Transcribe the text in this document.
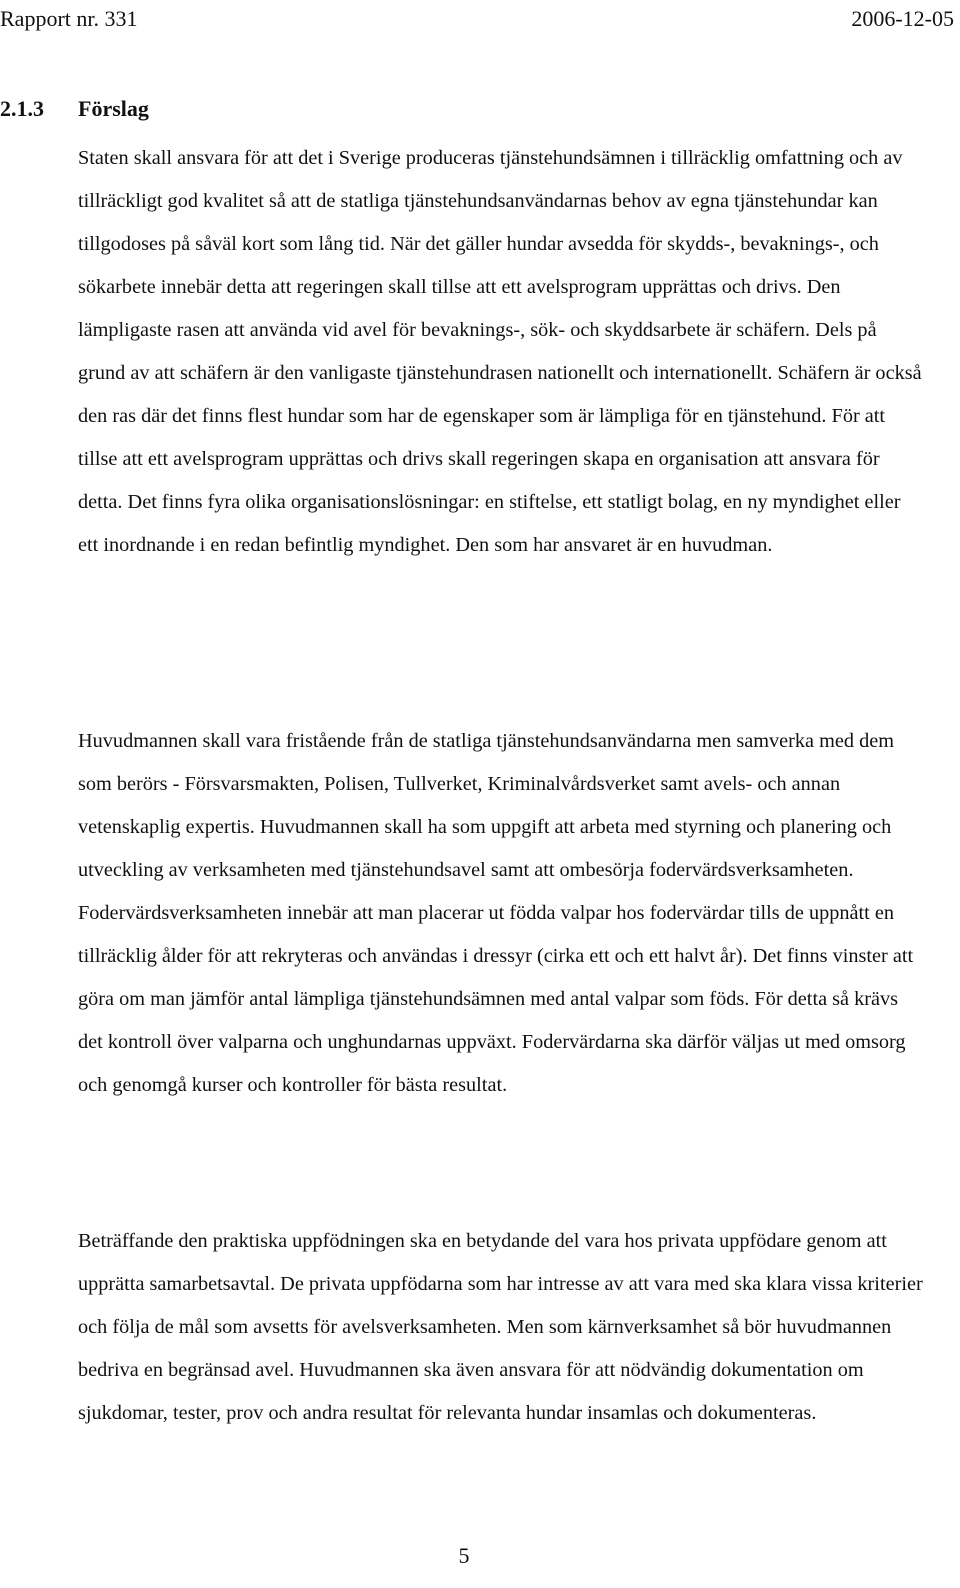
Rapport nr. 331	2006-12-05
2.1.3 Förslag

Staten skall ansvara för att det i Sverige produceras tjänstehundsämnen i tillräcklig omfattning och av tillräckligt god kvalitet så att de statliga tjänstehundsanvändarnas behov av egna tjänstehundar kan tillgodoses på såväl kort som lång tid. När det gäller hundar avsedda för skydds-, bevaknings-, och sökarbete innebär detta att regeringen skall tillse att ett avelsprogram upprättas och drivs. Den lämpligaste rasen att använda vid avel för bevaknings-, sök- och skyddsarbete är schäfern. Dels på grund av att schäfern är den vanligaste tjänstehundrasen nationellt och internationellt. Schäfern är också den ras där det finns flest hundar som har de egenskaper som är lämpliga för en tjänstehund. För att tillse att ett avelsprogram upprättas och drivs skall regeringen skapa en organisation att ansvara för detta. Det finns fyra olika organisationslösningar: en stiftelse, ett statligt bolag, en ny myndighet eller ett inordnande i en redan befintlig myndighet. Den som har ansvaret är en huvudman.

Huvudmannen skall vara fristående från de statliga tjänstehundsanvändarna men samverka med dem som berörs - Försvarsmakten, Polisen, Tullverket, Kriminalvårdsverket samt avels- och annan vetenskaplig expertis. Huvudmannen skall ha som uppgift att arbeta med styrning och planering och utveckling av verksamheten med tjänstehundsavel samt att ombesörja fodervärdsverksamheten. Fodervärdsverksamheten innebär att man placerar ut födda valpar hos fodervärdar tills de uppnått en tillräcklig ålder för att rekryteras och användas i dressyr (cirka ett och ett halvt år). Det finns vinster att göra om man jämför antal lämpliga tjänstehundsämnen med antal valpar som föds. För detta så krävs det kontroll över valparna och unghundarnas uppväxt. Fodervärdarna ska därför väljas ut med omsorg och genomgå kurser och kontroller för bästa resultat.

Beträffande den praktiska uppfödningen ska en betydande del vara hos privata uppfödare genom att upprätta samarbetsavtal. De privata uppfödarna som har intresse av att vara med ska klara vissa kriterier och följa de mål som avsetts för avelsverksamheten. Men som kärnverksamhet så bör huvudmannen bedriva en begränsad avel. Huvudmannen ska även ansvara för att nödvändig dokumentation om sjukdomar, tester, prov och andra resultat för relevanta hundar insamlas och dokumenteras.

5
